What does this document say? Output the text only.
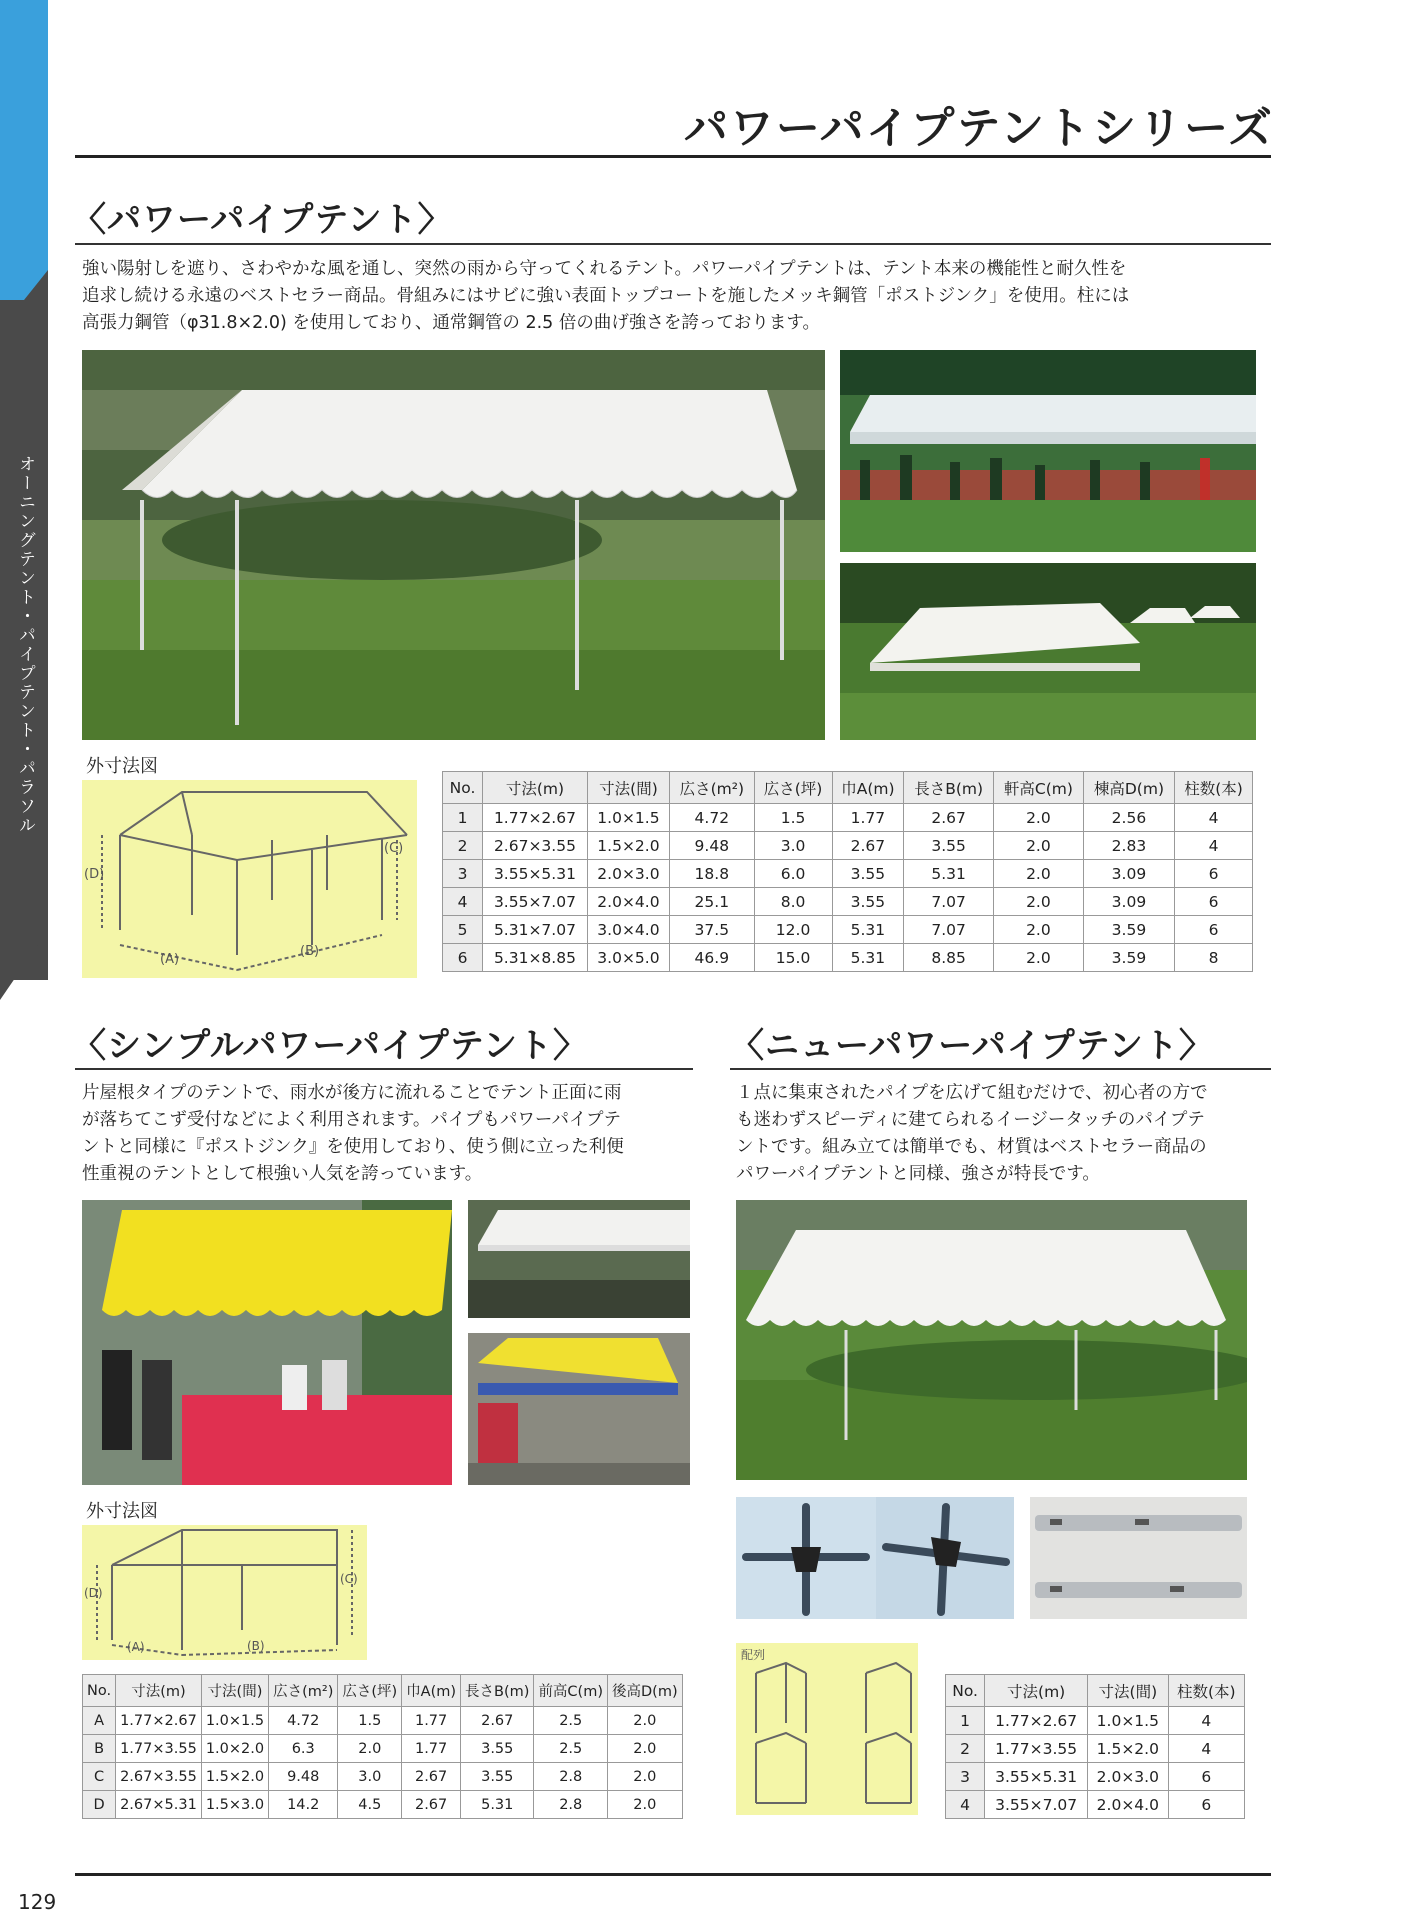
オーニングテント・パイプテント・パラソル
パワーパイプテントシリーズ
〈パワーパイプテント〉
強い陽射しを遮り、さわやかな風を通し、突然の雨から守ってくれるテント。パワーパイプテントは、テント本来の機能性と耐久性を
追求し続ける永遠のベストセラー商品。骨組みにはサビに強い表面トップコートを施したメッキ鋼管「ポストジンク」を使用。柱には
高張力鋼管（φ31.8×2.0) を使用しており、通常鋼管の 2.5 倍の曲げ強さを誇っております。
外寸法図
(D)
(C)
(A)
(B)
No.	寸法(m)	寸法(間)	広さ(m²)	広さ(坪)	巾A(m)	長さB(m)	軒高C(m)	棟高D(m)	柱数(本)
1	1.77×2.67	1.0×1.5	4.72	1.5	1.77	2.67	2.0	2.56	4
2	2.67×3.55	1.5×2.0	9.48	3.0	2.67	3.55	2.0	2.83	4
3	3.55×5.31	2.0×3.0	18.8	6.0	3.55	5.31	2.0	3.09	6
4	3.55×7.07	2.0×4.0	25.1	8.0	3.55	7.07	2.0	3.09	6
5	5.31×7.07	3.0×4.0	37.5	12.0	5.31	7.07	2.0	3.59	6
6	5.31×8.85	3.0×5.0	46.9	15.0	5.31	8.85	2.0	3.59	8
〈シンプルパワーパイプテント〉
片屋根タイプのテントで、雨水が後方に流れることでテント正面に雨
が落ちてこず受付などによく利用されます。パイプもパワーパイプテ
ントと同様に『ポストジンク』を使用しており、使う側に立った利便
性重視のテントとして根強い人気を誇っています。
外寸法図
(D)
(C)
(A)	(B)
No.	寸法(m)	寸法(間)	広さ(m²)	広さ(坪)	巾A(m)	長さB(m)	前高C(m)	後高D(m)
A	1.77×2.67	1.0×1.5	4.72	1.5	1.77	2.67	2.5	2.0
B	1.77×3.55	1.0×2.0	6.3	2.0	1.77	3.55	2.5	2.0
C	2.67×3.55	1.5×2.0	9.48	3.0	2.67	3.55	2.8	2.0
D	2.67×5.31	1.5×3.0	14.2	4.5	2.67	5.31	2.8	2.0
〈ニューパワーパイプテント〉
１点に集束されたパイプを広げて組むだけで、初心者の方で
も迷わずスピーディに建てられるイージータッチのパイプテ
ントです。組み立ては簡単でも、材質はベストセラー商品の
パワーパイプテントと同様、強さが特長です。
配列
No.	寸法(m)	寸法(間)	柱数(本)
1	1.77×2.67	1.0×1.5	4
2	1.77×3.55	1.5×2.0	4
3	3.55×5.31	2.0×3.0	6
4	3.55×7.07	2.0×4.0	6
129
